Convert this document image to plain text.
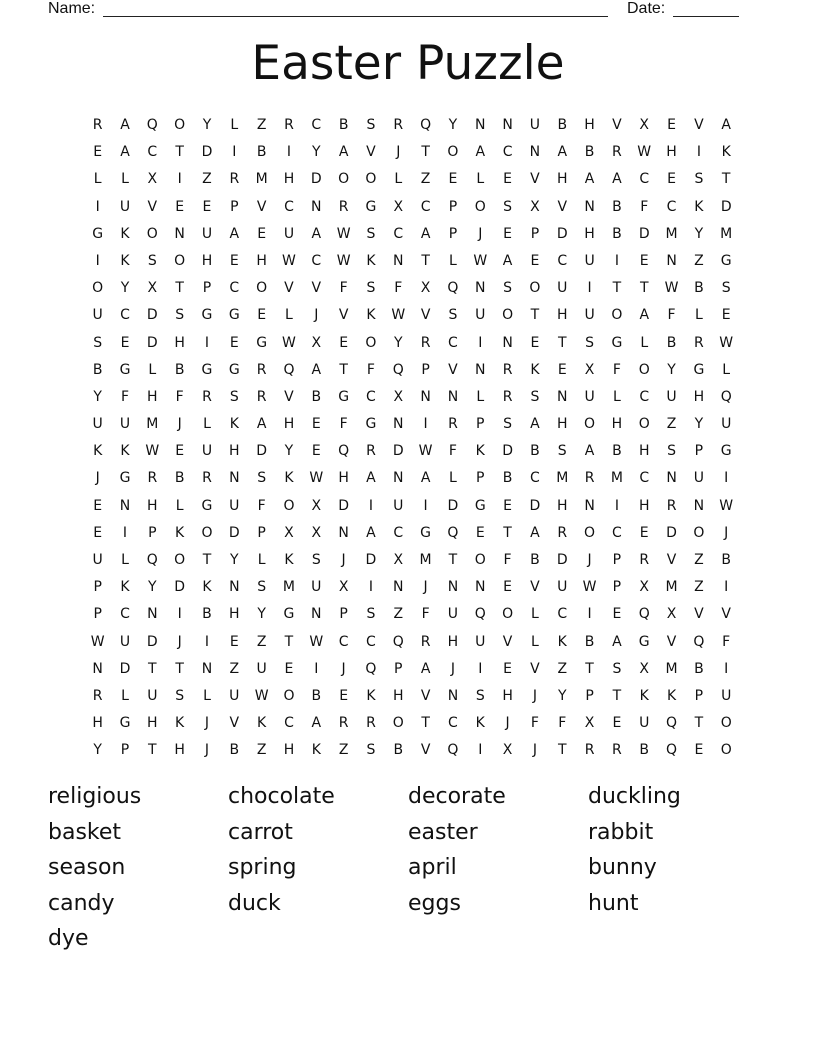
Name:	Date:
Easter Puzzle
R	A	Q	O	Y	L	Z	R	C	B	S	R	Q	Y	N	N	U	B	H	V	X	E	V	A
E	A	C	T	D	I	B	I	Y	A	V	J	T	O	A	C	N	A	B	R	W	H	I	K
L	L	X	I	Z	R	M	H	D	O	O	L	Z	E	L	E	V	H	A	A	C	E	S	T
I	U	V	E	E	P	V	C	N	R	G	X	C	P	O	S	X	V	N	B	F	C	K	D
G	K	O	N	U	A	E	U	A	W	S	C	A	P	J	E	P	D	H	B	D	M	Y	M
I	K	S	O	H	E	H	W	C	W	K	N	T	L	W	A	E	C	U	I	E	N	Z	G
O	Y	X	T	P	C	O	V	V	F	S	F	X	Q	N	S	O	U	I	T	T	W	B	S
U	C	D	S	G	G	E	L	J	V	K	W	V	S	U	O	T	H	U	O	A	F	L	E
S	E	D	H	I	E	G	W	X	E	O	Y	R	C	I	N	E	T	S	G	L	B	R	W
B	G	L	B	G	G	R	Q	A	T	F	Q	P	V	N	R	K	E	X	F	O	Y	G	L
Y	F	H	F	R	S	R	V	B	G	C	X	N	N	L	R	S	N	U	L	C	U	H	Q
U	U	M	J	L	K	A	H	E	F	G	N	I	R	P	S	A	H	O	H	O	Z	Y	U
K	K	W	E	U	H	D	Y	E	Q	R	D	W	F	K	D	B	S	A	B	H	S	P	G
J	G	R	B	R	N	S	K	W	H	A	N	A	L	P	B	C	M	R	M	C	N	U	I
E	N	H	L	G	U	F	O	X	D	I	U	I	D	G	E	D	H	N	I	H	R	N	W
E	I	P	K	O	D	P	X	X	N	A	C	G	Q	E	T	A	R	O	C	E	D	O	J
U	L	Q	O	T	Y	L	K	S	J	D	X	M	T	O	F	B	D	J	P	R	V	Z	B
P	K	Y	D	K	N	S	M	U	X	I	N	J	N	N	E	V	U	W	P	X	M	Z	I
P	C	N	I	B	H	Y	G	N	P	S	Z	F	U	Q	O	L	C	I	E	Q	X	V	V
W	U	D	J	I	E	Z	T	W	C	C	Q	R	H	U	V	L	K	B	A	G	V	Q	F
N	D	T	T	N	Z	U	E	I	J	Q	P	A	J	I	E	V	Z	T	S	X	M	B	I
R	L	U	S	L	U	W	O	B	E	K	H	V	N	S	H	J	Y	P	T	K	K	P	U
H	G	H	K	J	V	K	C	A	R	R	O	T	C	K	J	F	F	X	E	U	Q	T	O
Y	P	T	H	J	B	Z	H	K	Z	S	B	V	Q	I	X	J	T	R	R	B	Q	E	O
religious	chocolate	decorate	duckling
basket	carrot	easter	rabbit
season	spring	april	bunny
candy	duck	eggs	hunt
dye
